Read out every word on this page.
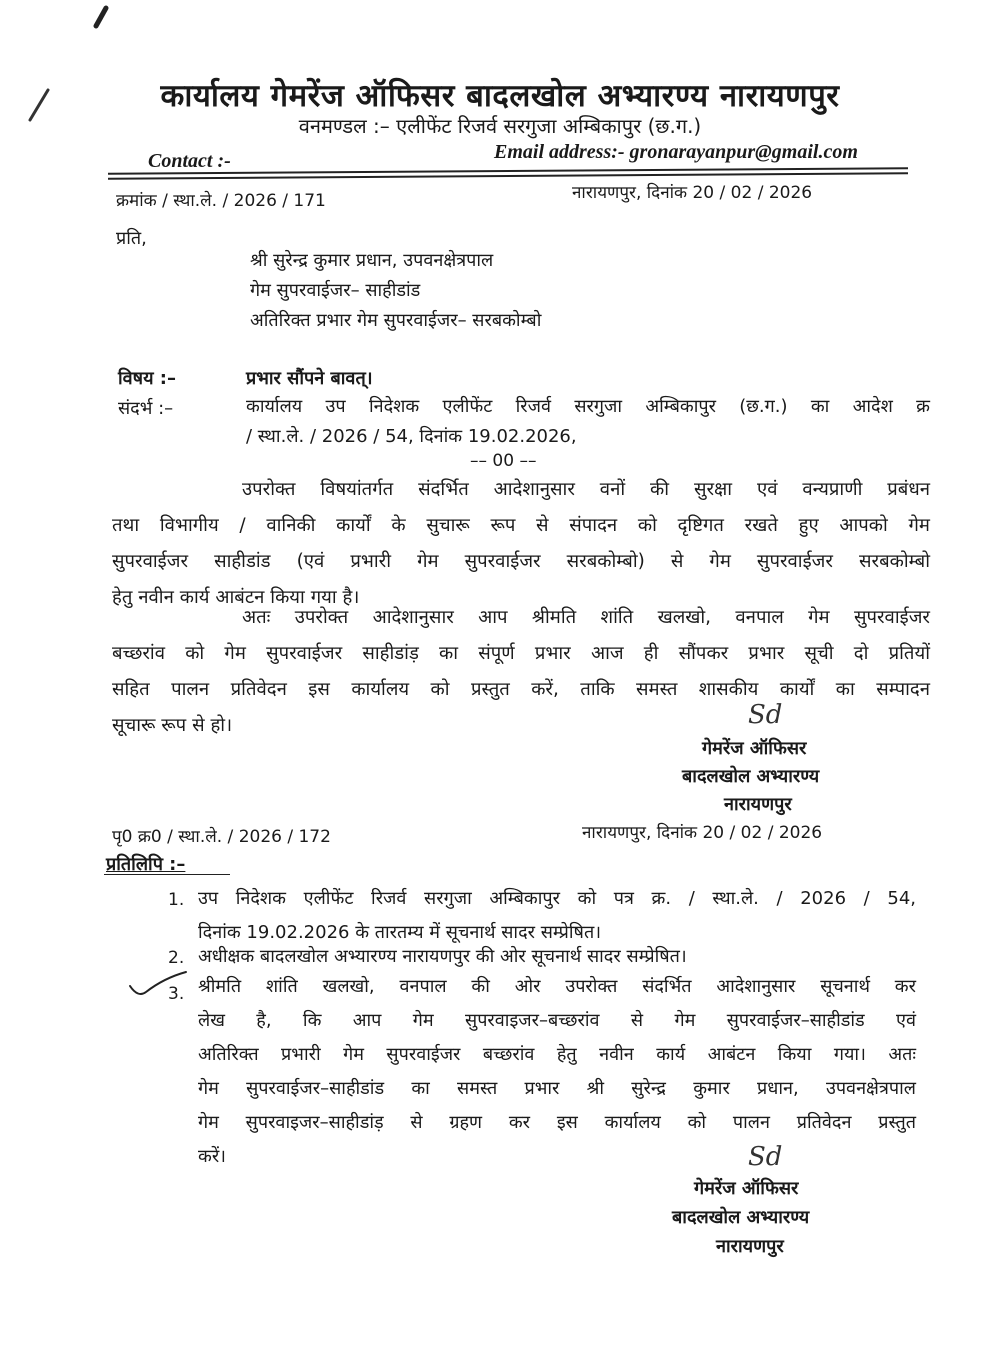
कार्यालय गेमरेंज ऑफिसर बादलखोल अभ्यारण्य नारायणपुर
वनमण्डल :– एलीफेंट रिजर्व सरगुजा अम्बिकापुर (छ.ग.)
Contact :-	Email address:- gronarayanpur@gmail.com
क्रमांक / स्था.ले. / 2026 / 171	नारायणपुर, दिनांक 20 / 02 / 2026
प्रति,
श्री सुरेन्द्र कुमार प्रधान, उपवनक्षेत्रपाल
गेम सुपरवाईजर– साहीडांड
अतिरिक्त प्रभार गेम सुपरवाईजर– सरबकोम्बो
विषय :–	प्रभार सौंपने बावत्।
संदर्भ :–	कार्यालय उप निदेशक एलीफेंट रिजर्व सरगुजा अम्बिकापुर (छ.ग.) का आदेश क्र
/ स्था.ले. / 2026 / 54, दिनांक 19.02.2026,
–– 00 ––
उपरोक्त विषयांतर्गत संदर्भित आदेशानुसार वनों की सुरक्षा एवं वन्यप्राणी प्रबंधन
तथा विभागीय / वानिकी कार्यों के सुचारू रूप से संपादन को दृष्टिगत रखते हुए आपको गेम
सुपरवाईजर साहीडांड (एवं प्रभारी गेम सुपरवाईजर सरबकोम्बो) से गेम सुपरवाईजर सरबकोम्बो
हेतु नवीन कार्य आबंटन किया गया है।
अतः उपरोक्त आदेशानुसार आप श्रीमति शांति खलखो, वनपाल गेम सुपरवाईजर
बच्छरांव को गेम सुपरवाईजर साहीडांड़ का संपूर्ण प्रभार आज ही सौंपकर प्रभार सूची दो प्रतियों
सहित पालन प्रतिवेदन इस कार्यालय को प्रस्तुत करें, ताकि समस्त शासकीय कार्यों का सम्पादन
सूचारू रूप से हो।	Sd
गेमरेंज ऑफिसर
बादलखोल अभ्यारण्य
नारायणपुर
पृ0 क्र0 / स्था.ले. / 2026 / 172	नारायणपुर, दिनांक 20 / 02 / 2026
प्रतिलिपि :–
1. उप निदेशक एलीफेंट रिजर्व सरगुजा अम्बिकापुर को पत्र क्र. / स्था.ले. / 2026 / 54,
दिनांक 19.02.2026 के तारतम्य में सूचनार्थ सादर सम्प्रेषित।
2. अधीक्षक बादलखोल अभ्यारण्य नारायणपुर की ओर सूचनार्थ सादर सम्प्रेषित।
3. श्रीमति शांति खलखो, वनपाल की ओर उपरोक्त संदर्भित आदेशानुसार सूचनार्थ कर
लेख है, कि आप गेम सुपरवाइजर–बच्छरांव से गेम सुपरवाईजर–साहीडांड एवं
अतिरिक्त प्रभारी गेम सुपरवाईजर बच्छरांव हेतु नवीन कार्य आबंटन किया गया। अतः
गेम सुपरवाईजर–साहीडांड का समस्त प्रभार श्री सुरेन्द्र कुमार प्रधान, उपवनक्षेत्रपाल
गेम सुपरवाइजर–साहीडांड़ से ग्रहण कर इस कार्यालय को पालन प्रतिवेदन प्रस्तुत
करें।	Sd
गेमरेंज ऑफिसर
बादलखोल अभ्यारण्य
नारायणपुर
